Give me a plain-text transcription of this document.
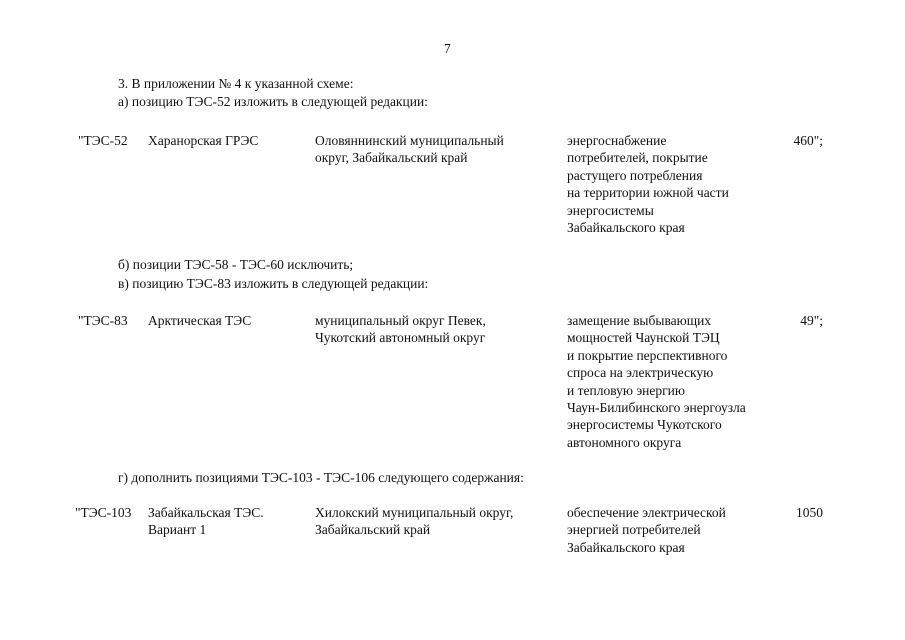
7
3. В приложении № 4 к указанной схеме:
а) позицию ТЭС-52 изложить в следующей редакции:
"ТЭС-52 Харанорская ГРЭС	Оловяннинский муниципальный
округ, Забайкальский край
энергоснабжение
потребителей, покрытие
растущего потребления
на территории южной части
энергосистемы
Забайкальского края
460";
б) позиции ТЭС-58 - ТЭС-60 исключить;
в) позицию ТЭС-83 изложить в следующей редакции:
"ТЭС-83 Арктическая ТЭС	муниципальный округ Певек,
Чукотский автономный округ
замещение выбывающих
мощностей Чаунской ТЭЦ
и покрытие перспективного
спроса на электрическую
и тепловую энергию
Чаун-Билибинского энергоузла
энергосистемы Чукотского
автономного округа
49";
г) дополнить позициями ТЭС-103 - ТЭС-106 следующего содержания:
"ТЭС-103 Забайкальская ТЭС.
Вариант 1
Хилокский муниципальный округ,
Забайкальский край
обеспечение электрической
энергией потребителей
Забайкальского края
1050
